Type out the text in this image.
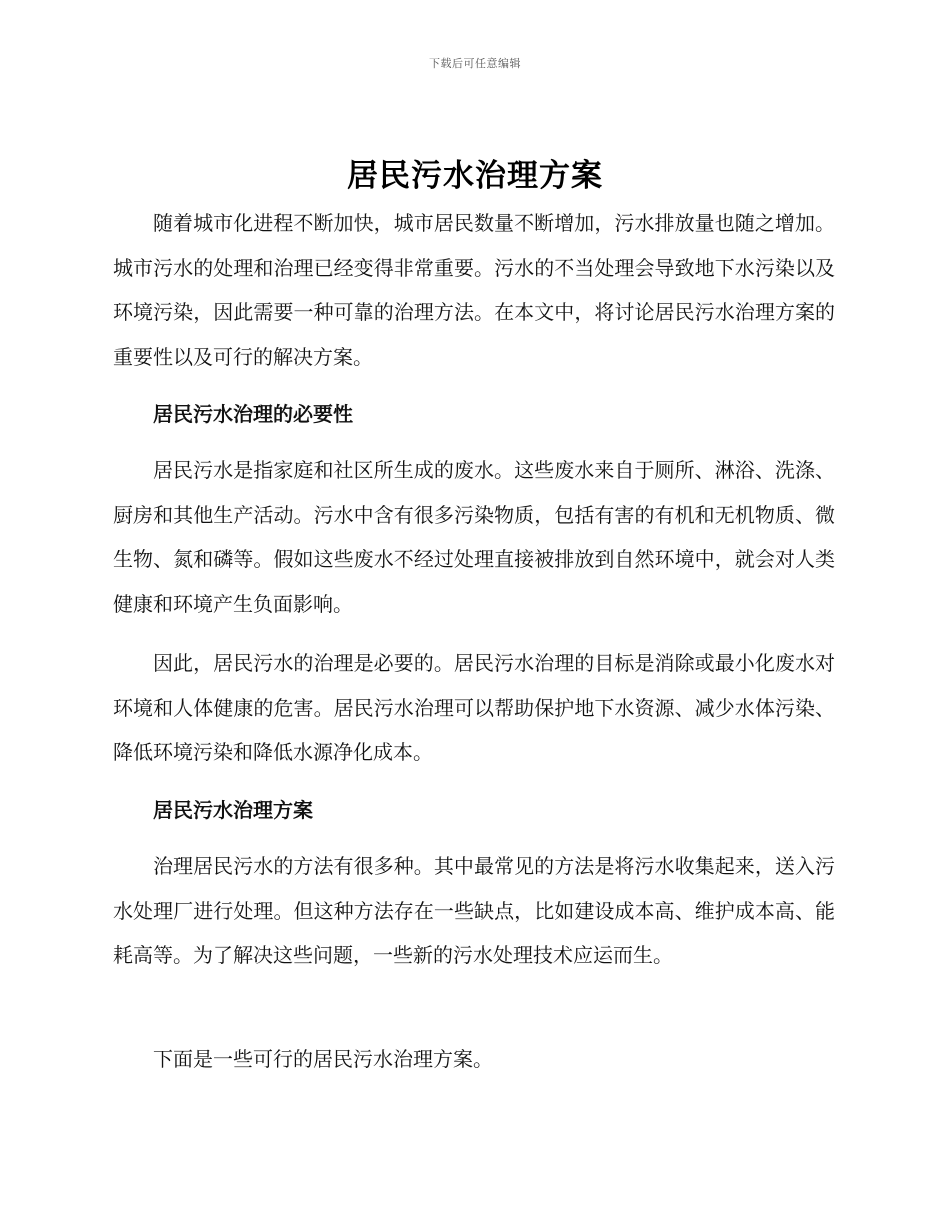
下载后可任意编辑
居民污水治理方案

随着城市化进程不断加快，城市居民数量不断增加，污水排放量也随之增加。城市污水的处理和治理已经变得非常重要。污水的不当处理会导致地下水污染以及环境污染，因此需要一种可靠的治理方法。在本文中，将讨论居民污水治理方案的重要性以及可行的解决方案。

居民污水治理的必要性

居民污水是指家庭和社区所生成的废水。这些废水来自于厕所、淋浴、洗涤、厨房和其他生产活动。污水中含有很多污染物质，包括有害的有机和无机物质、微生物、氮和磷等。假如这些废水不经过处理直接被排放到自然环境中，就会对人类健康和环境产生负面影响。

因此，居民污水的治理是必要的。居民污水治理的目标是消除或最小化废水对环境和人体健康的危害。居民污水治理可以帮助保护地下水资源、减少水体污染、降低环境污染和降低水源净化成本。

居民污水治理方案

治理居民污水的方法有很多种。其中最常见的方法是将污水收集起来，送入污水处理厂进行处理。但这种方法存在一些缺点，比如建设成本高、维护成本高、能耗高等。为了解决这些问题，一些新的污水处理技术应运而生。

下面是一些可行的居民污水治理方案。
